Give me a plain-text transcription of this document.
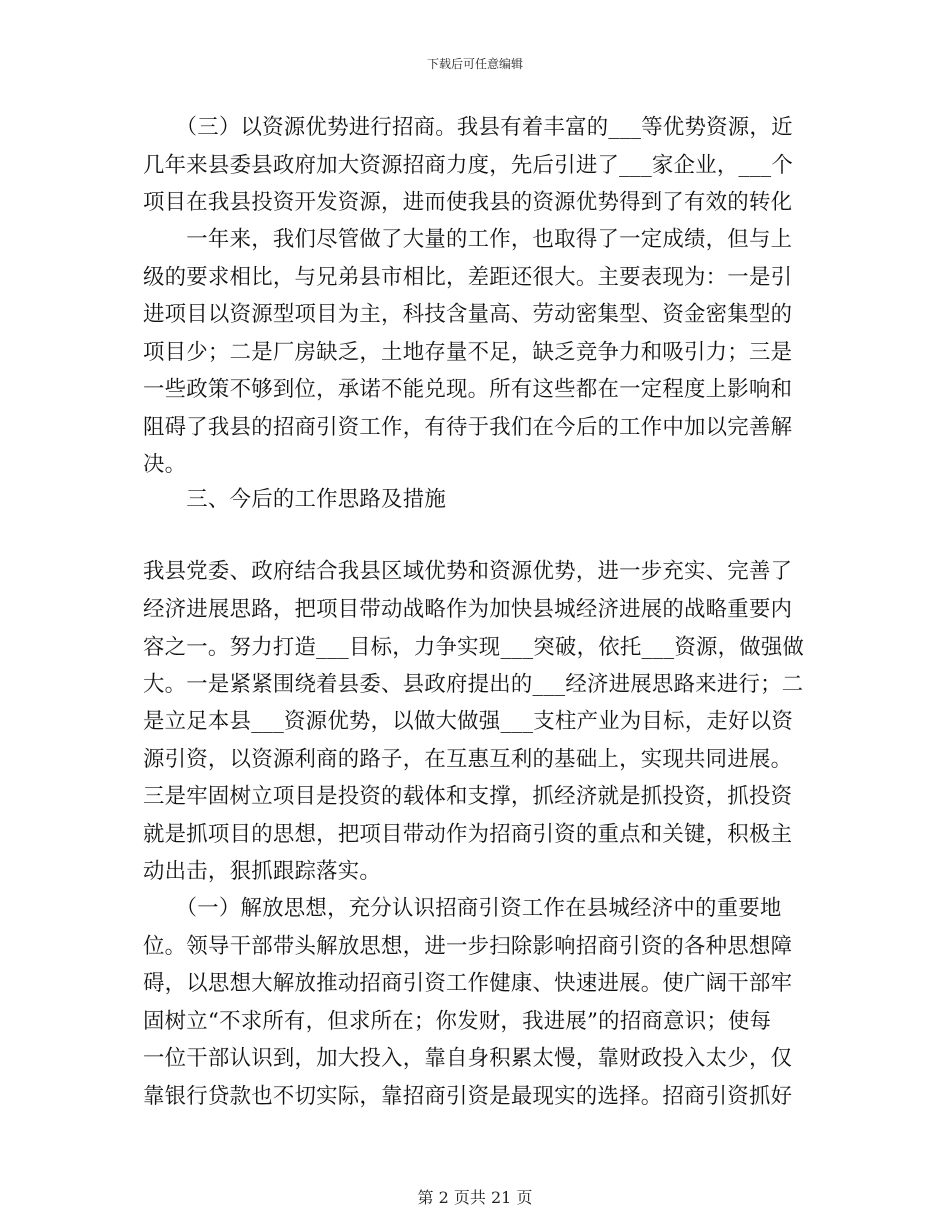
下载后可任意编辑
　　（三）以资源优势进行招商。我县有着丰富的___等优势资源，近
几年来县委县政府加大资源招商力度，先后引进了___家企业，___个
项目在我县投资开发资源，进而使我县的资源优势得到了有效的转化
　　一年来，我们尽管做了大量的工作，也取得了一定成绩，但与上
级的要求相比，与兄弟县市相比，差距还很大。主要表现为：一是引
进项目以资源型项目为主，科技含量高、劳动密集型、资金密集型的
项目少；二是厂房缺乏，土地存量不足，缺乏竞争力和吸引力；三是
一些政策不够到位，承诺不能兑现。所有这些都在一定程度上影响和
阻碍了我县的招商引资工作，有待于我们在今后的工作中加以完善解
决。
　　三、今后的工作思路及措施
我县党委、政府结合我县区域优势和资源优势，进一步充实、完善了
经济进展思路，把项目带动战略作为加快县城经济进展的战略重要内
容之一。努力打造___目标，力争实现___突破，依托___资源，做强做
大。一是紧紧围绕着县委、县政府提出的___经济进展思路来进行；二
是立足本县___资源优势，以做大做强___支柱产业为目标，走好以资
源引资，以资源利商的路子，在互惠互利的基础上，实现共同进展。
三是牢固树立项目是投资的载体和支撑，抓经济就是抓投资，抓投资
就是抓项目的思想，把项目带动作为招商引资的重点和关键，积极主
动出击，狠抓跟踪落实。
　　（一）解放思想，充分认识招商引资工作在县城经济中的重要地
位。领导干部带头解放思想，进一步扫除影响招商引资的各种思想障
碍，以思想大解放推动招商引资工作健康、快速进展。使广阔干部牢
固树立“不求所有，但求所在；你发财，我进展”的招商意识；使每
一位干部认识到，加大投入，靠自身积累太慢，靠财政投入太少，仅
靠银行贷款也不切实际，靠招商引资是最现实的选择。招商引资抓好
第 2 页共 21 页
